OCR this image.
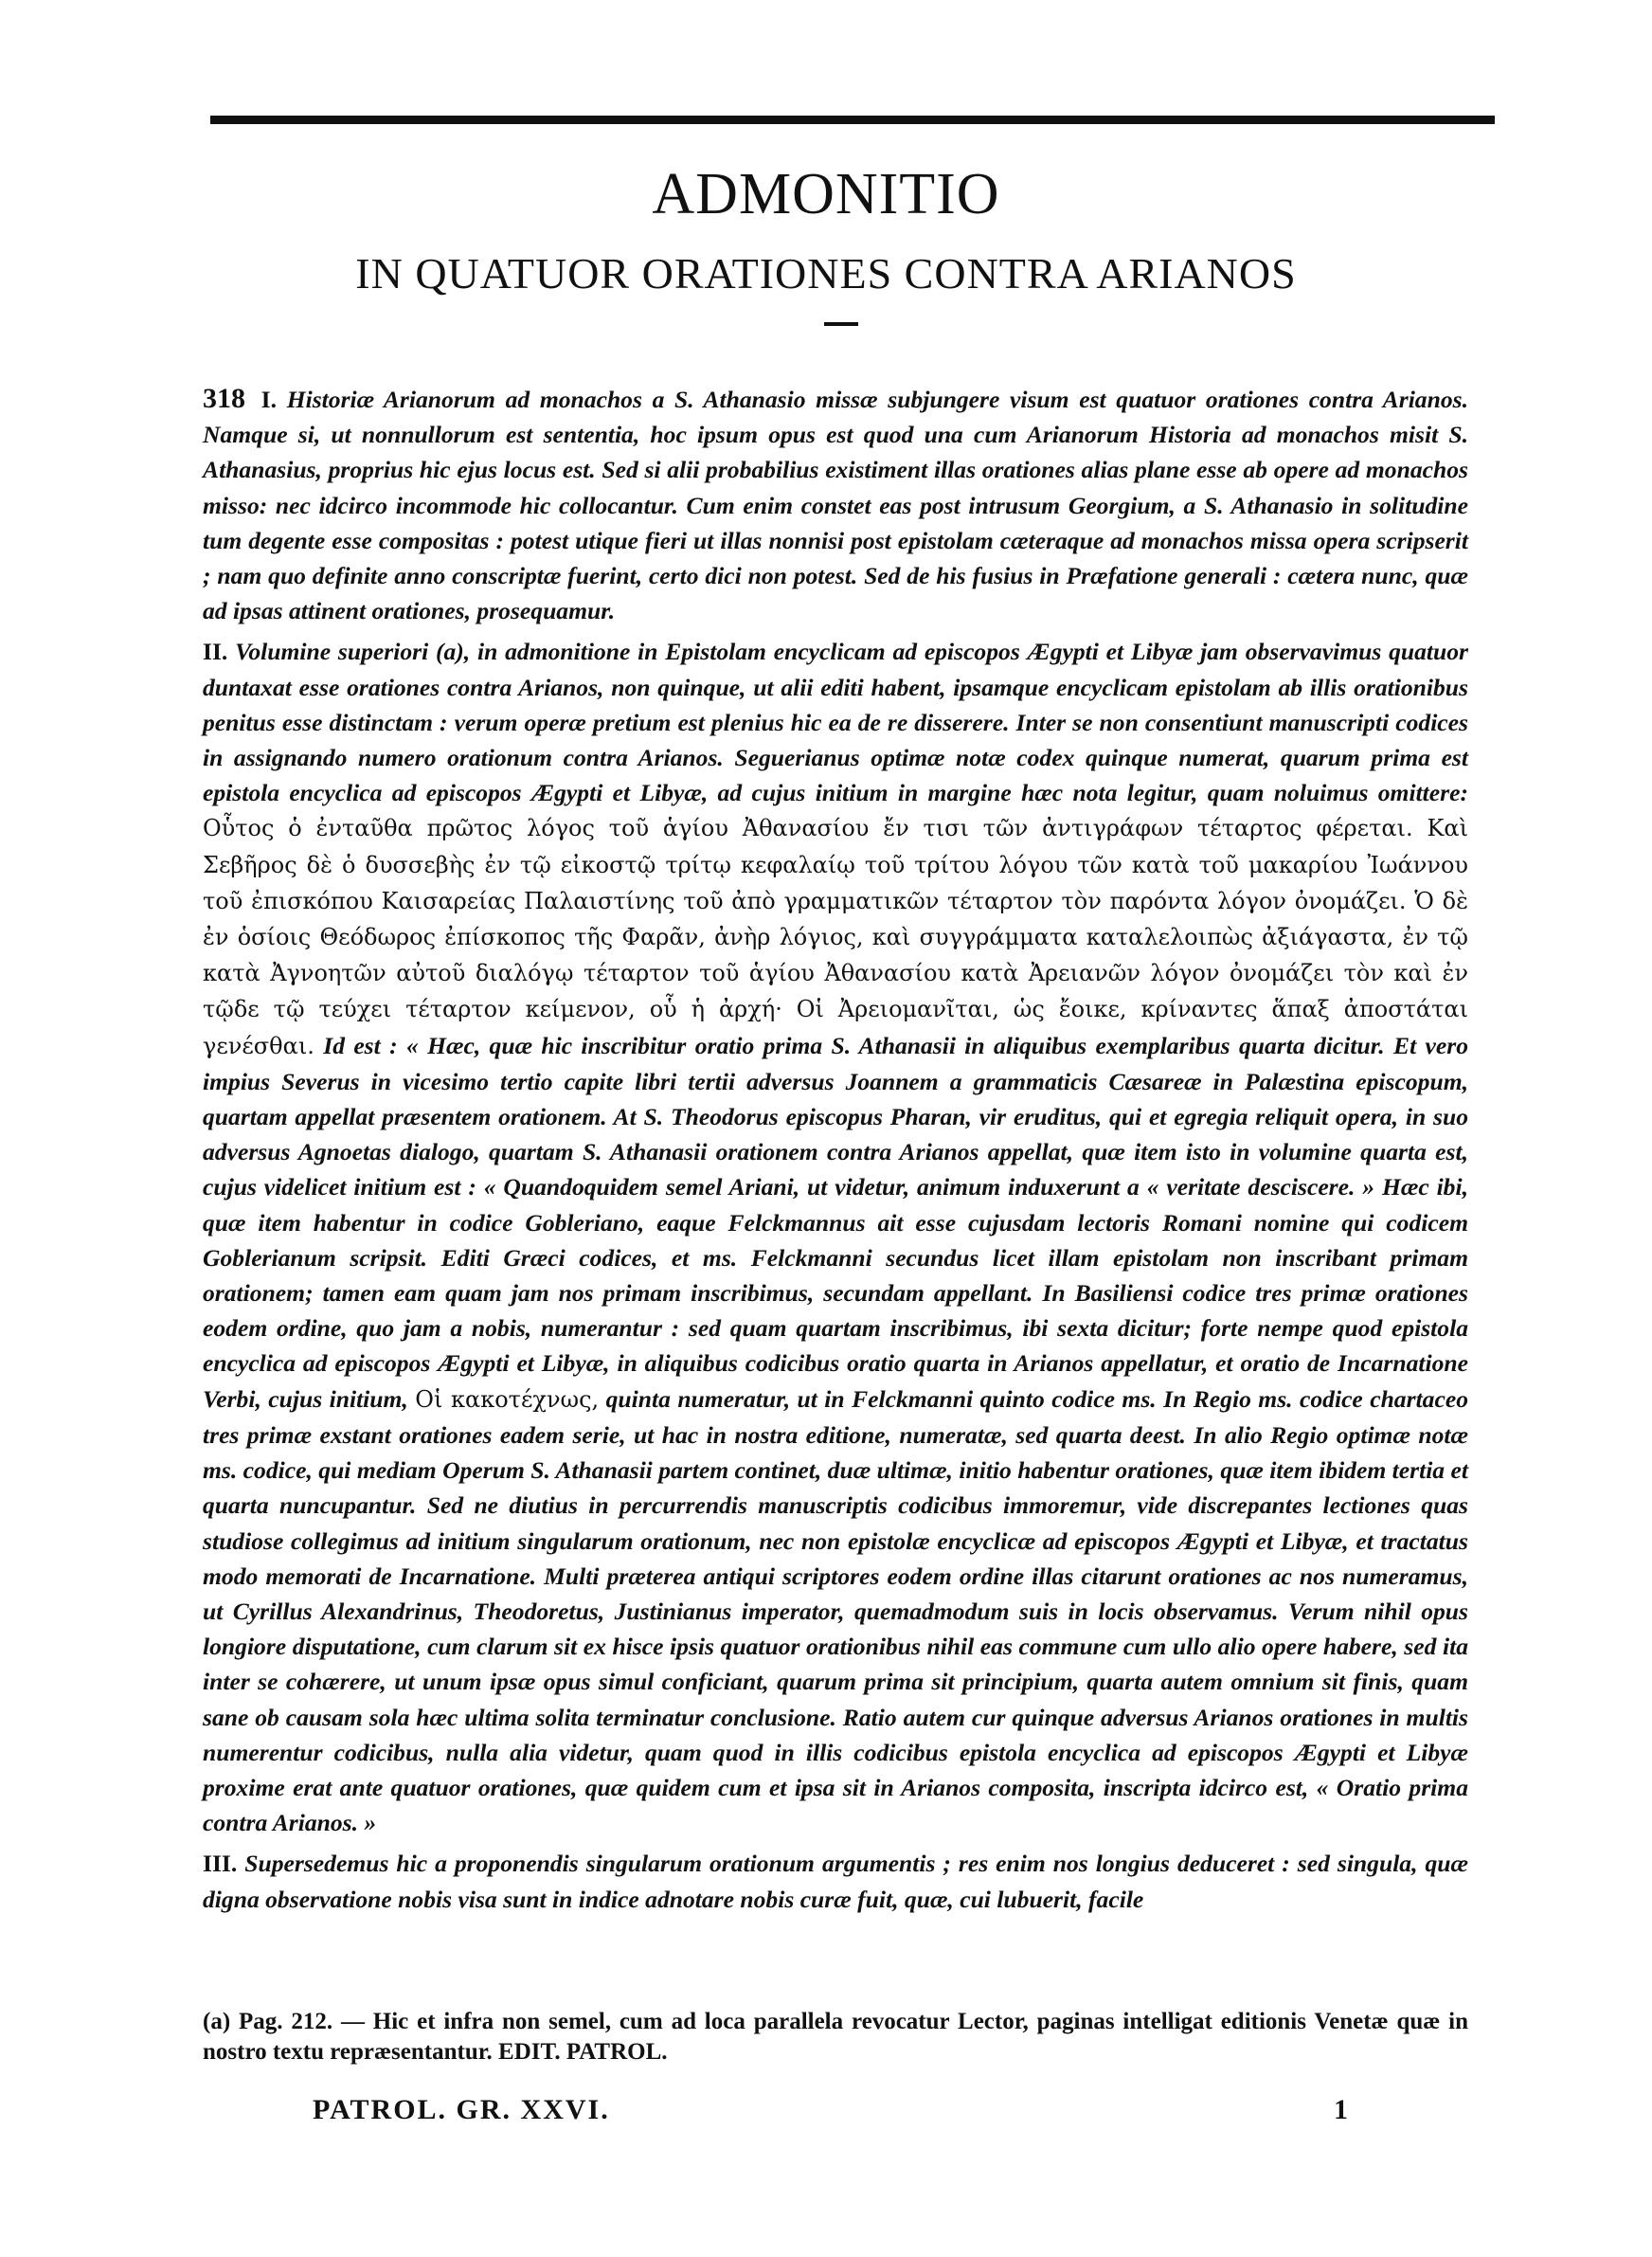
ADMONITIO
IN QUATUOR ORATIONES CONTRA ARIANOS

318 I. Historiæ Arianorum ad monachos a S. Athanasio missæ subjungere visum est quatuor orationes contra Arianos. Namque si, ut nonnullorum est sententia, hoc ipsum opus est quod una cum Arianorum Historia ad monachos misit S. Athanasius, proprius hic ejus locus est. Sed si alii probabilius existiment illas orationes alias plane esse ab opere ad monachos misso: nec idcirco incommode hic collocantur. Cum enim constet eas post intrusum Georgium, a S. Athanasio in solitudine tum degente esse compositas : potest utique fieri ut illas nonnisi post epistolam cæteraque ad monachos missa opera scripserit ; nam quo definite anno conscriptæ fuerint, certo dici non potest. Sed de his fusius in Præfatione generali : cætera nunc, quæ ad ipsas attinent orationes, prosequamur.

II. Volumine superiori (a), in admonitione in Epistolam encyclicam ad episcopos Ægypti et Libyæ jam observavimus quatuor duntaxat esse orationes contra Arianos, non quinque, ut alii editi habent, ipsamque encyclicam epistolam ab illis orationibus penitus esse distinctam : verum operæ pretium est plenius hic ea de re disserere. Inter se non consentiunt manuscripti codices in assignando numero orationum contra Arianos. Seguerianus optimæ notæ codex quinque numerat, quarum prima est epistola encyclica ad episcopos Ægypti et Libyæ, ad cujus initium in margine hæc nota legitur, quam noluimus omittere: Οὗτος ὁ ἐνταῦθα πρῶτος λόγος τοῦ ἁγίου Ἀθανασίου ἔν τισι τῶν ἀντιγράφων τέταρτος φέρεται. Καὶ Σεβῆρος δὲ ὁ δυσσεβὴς ἐν τῷ εἰκοστῷ τρίτῳ κεφαλαίῳ τοῦ τρίτου λόγου τῶν κατὰ τοῦ μακαρίου Ἰωάννου τοῦ ἐπισκόπου Καισαρείας Παλαιστίνης τοῦ ἀπὸ γραμματικῶν τέταρτον τὸν παρόντα λόγον ὀνομάζει. Ὁ δὲ ἐν ὁσίοις Θεόδωρος ἐπίσκοπος τῆς Φαρᾶν, ἀνὴρ λόγιος, καὶ συγγράμματα καταλελοιπὼς ἀξιάγαστα, ἐν τῷ κατὰ Ἀγνοητῶν αὐτοῦ διαλόγῳ τέταρτον τοῦ ἁγίου Ἀθανασίου κατὰ Ἀρειανῶν λόγον ὀνομάζει τὸν καὶ ἐν τῷδε τῷ τεύχει τέταρτον κείμενον, οὗ ἡ ἀρχή· Οἱ Ἀρειομανῖται, ὡς ἔοικε, κρίναντες ἅπαξ ἀποστάται γενέσθαι. Id est : « Hæc, quæ hic inscribitur oratio prima S. Athanasii in aliquibus exemplaribus quarta dicitur. Et vero impius Severus in vicesimo tertio capite libri tertii adversus Joannem a grammaticis Cæsareæ in Palæstina episcopum, quartam appellat præsentem orationem. At S. Theodorus episcopus Pharan, vir eruditus, qui et egregia reliquit opera, in suo adversus Agnoetas dialogo, quartam S. Athanasii orationem contra Arianos appellat, quæ item isto in volumine quarta est, cujus videlicet initium est : « Quandoquidem semel Ariani, ut videtur, animum induxerunt a « veritate desciscere. » Hæc ibi, quæ item habentur in codice Gobleriano, eaque Felckmannus ait esse cujusdam lectoris Romani nomine qui codicem Goblerianum scripsit. Editi Græci codices, et ms. Felckmanni secundus licet illam epistolam non inscribant primam orationem; tamen eam quam jam nos primam inscribimus, secundam appellant. In Basiliensi codice tres primæ orationes eodem ordine, quo jam a nobis, numerantur : sed quam quartam inscribimus, ibi sexta dicitur; forte nempe quod epistola encyclica ad episcopos Ægypti et Libyæ, in aliquibus codicibus oratio quarta in Arianos appellatur, et oratio de Incarnatione Verbi, cujus initium, Οἱ κακοτέχνως, quinta numeratur, ut in Felckmanni quinto codice ms. In Regio ms. codice chartaceo tres primæ exstant orationes eadem serie, ut hac in nostra editione, numeratæ, sed quarta deest. In alio Regio optimæ notæ ms. codice, qui mediam Operum S. Athanasii partem continet, duæ ultimæ, initio habentur orationes, quæ item ibidem tertia et quarta nuncupantur. Sed ne diutius in percurrendis manuscriptis codicibus immoremur, vide discrepantes lectiones quas studiose collegimus ad initium singularum orationum, nec non epistolæ encyclicæ ad episcopos Ægypti et Libyæ, et tractatus modo memorati de Incarnatione. Multi præterea antiqui scriptores eodem ordine illas citarunt orationes ac nos numeramus, ut Cyrillus Alexandrinus, Theodoretus, Justinianus imperator, quemadmodum suis in locis observamus. Verum nihil opus longiore disputatione, cum clarum sit ex hisce ipsis quatuor orationibus nihil eas commune cum ullo alio opere habere, sed ita inter se cohærere, ut unum ipsæ opus simul conficiant, quarum prima sit principium, quarta autem omnium sit finis, quam sane ob causam sola hæc ultima solita terminatur conclusione. Ratio autem cur quinque adversus Arianos orationes in multis numerentur codicibus, nulla alia videtur, quam quod in illis codicibus epistola encyclica ad episcopos Ægypti et Libyæ proxime erat ante quatuor orationes, quæ quidem cum et ipsa sit in Arianos composita, inscripta idcirco est, « Oratio prima contra Arianos. »

III. Supersedemus hic a proponendis singularum orationum argumentis ; res enim nos longius deduceret : sed singula, quæ digna observatione nobis visa sunt in indice adnotare nobis curæ fuit, quæ, cui lubuerit, facile

(a) Pag. 212. — Hic et infra non semel, cum ad loca parallela revocatur Lector, paginas intelligat editionis Venetæ quæ in nostro textu repræsentantur. EDIT. PATROL.
PATROL. GR. XXVI.	1
